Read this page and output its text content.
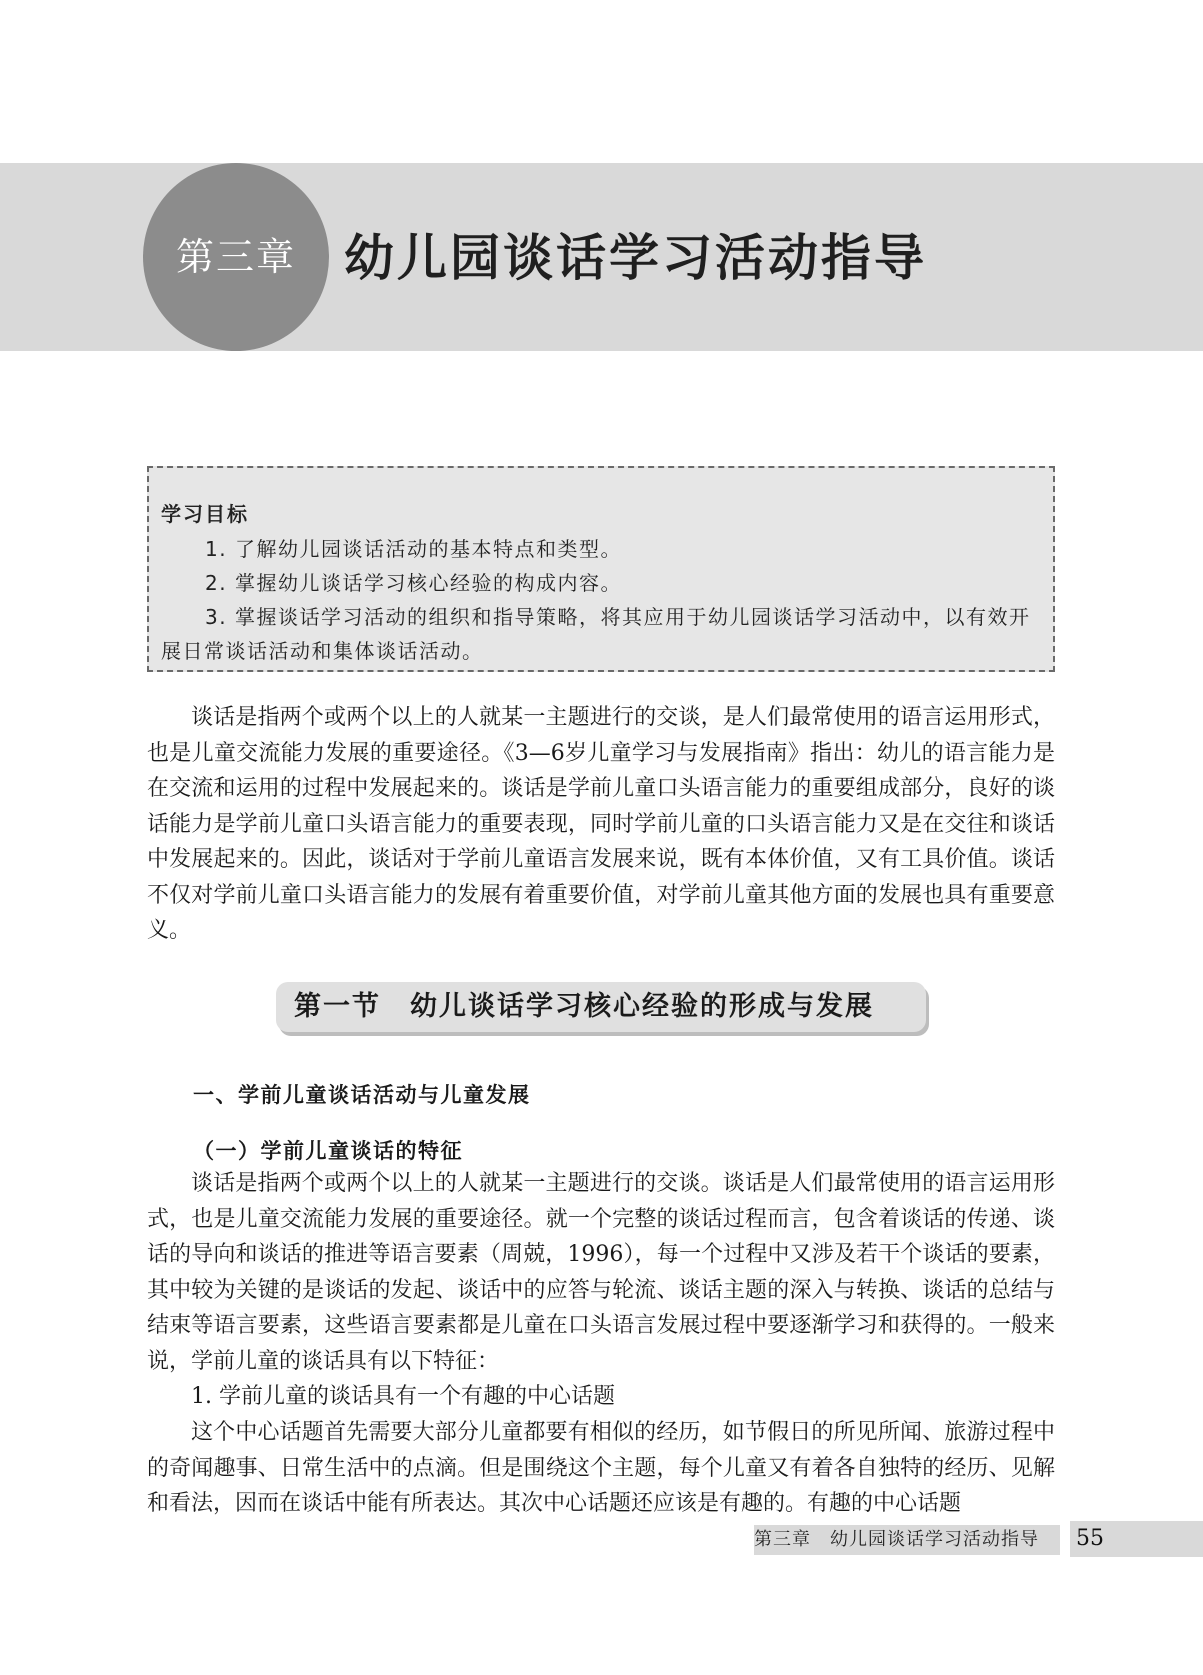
第三章 幼儿园谈话学习活动指导
学习目标
1. 了解幼儿园谈话活动的基本特点和类型。
2. 掌握幼儿谈话学习核心经验的构成内容。
3. 掌握谈话学习活动的组织和指导策略，将其应用于幼儿园谈话学习活动中，以有效开展日常谈话活动和集体谈话活动。

谈话是指两个或两个以上的人就某一主题进行的交谈，是人们最常使用的语言运用形式，也是儿童交流能力发展的重要途径。《3—6岁儿童学习与发展指南》指出：幼儿的语言能力是在交流和运用的过程中发展起来的。谈话是学前儿童口头语言能力的重要组成部分，良好的谈话能力是学前儿童口头语言能力的重要表现，同时学前儿童的口头语言能力又是在交往和谈话中发展起来的。因此，谈话对于学前儿童语言发展来说，既有本体价值，又有工具价值。谈话不仅对学前儿童口头语言能力的发展有着重要价值，对学前儿童其他方面的发展也具有重要意义。

第一节　幼儿谈话学习核心经验的形成与发展
一、学前儿童谈话活动与儿童发展
（一）学前儿童谈话的特征

谈话是指两个或两个以上的人就某一主题进行的交谈。谈话是人们最常使用的语言运用形式，也是儿童交流能力发展的重要途径。就一个完整的谈话过程而言，包含着谈话的传递、谈话的导向和谈话的推进等语言要素（周兢，1996），每一个过程中又涉及若干个谈话的要素，其中较为关键的是谈话的发起、谈话中的应答与轮流、谈话主题的深入与转换、谈话的总结与结束等语言要素，这些语言要素都是儿童在口头语言发展过程中要逐渐学习和获得的。一般来说，学前儿童的谈话具有以下特征：

1. 学前儿童的谈话具有一个有趣的中心话题

这个中心话题首先需要大部分儿童都要有相似的经历，如节假日的所见所闻、旅游过程中的奇闻趣事、日常生活中的点滴。但是围绕这个主题，每个儿童又有着各自独特的经历、见解和看法，因而在谈话中能有所表达。其次中心话题还应该是有趣的。有趣的中心话题

第三章　幼儿园谈话学习活动指导 55
